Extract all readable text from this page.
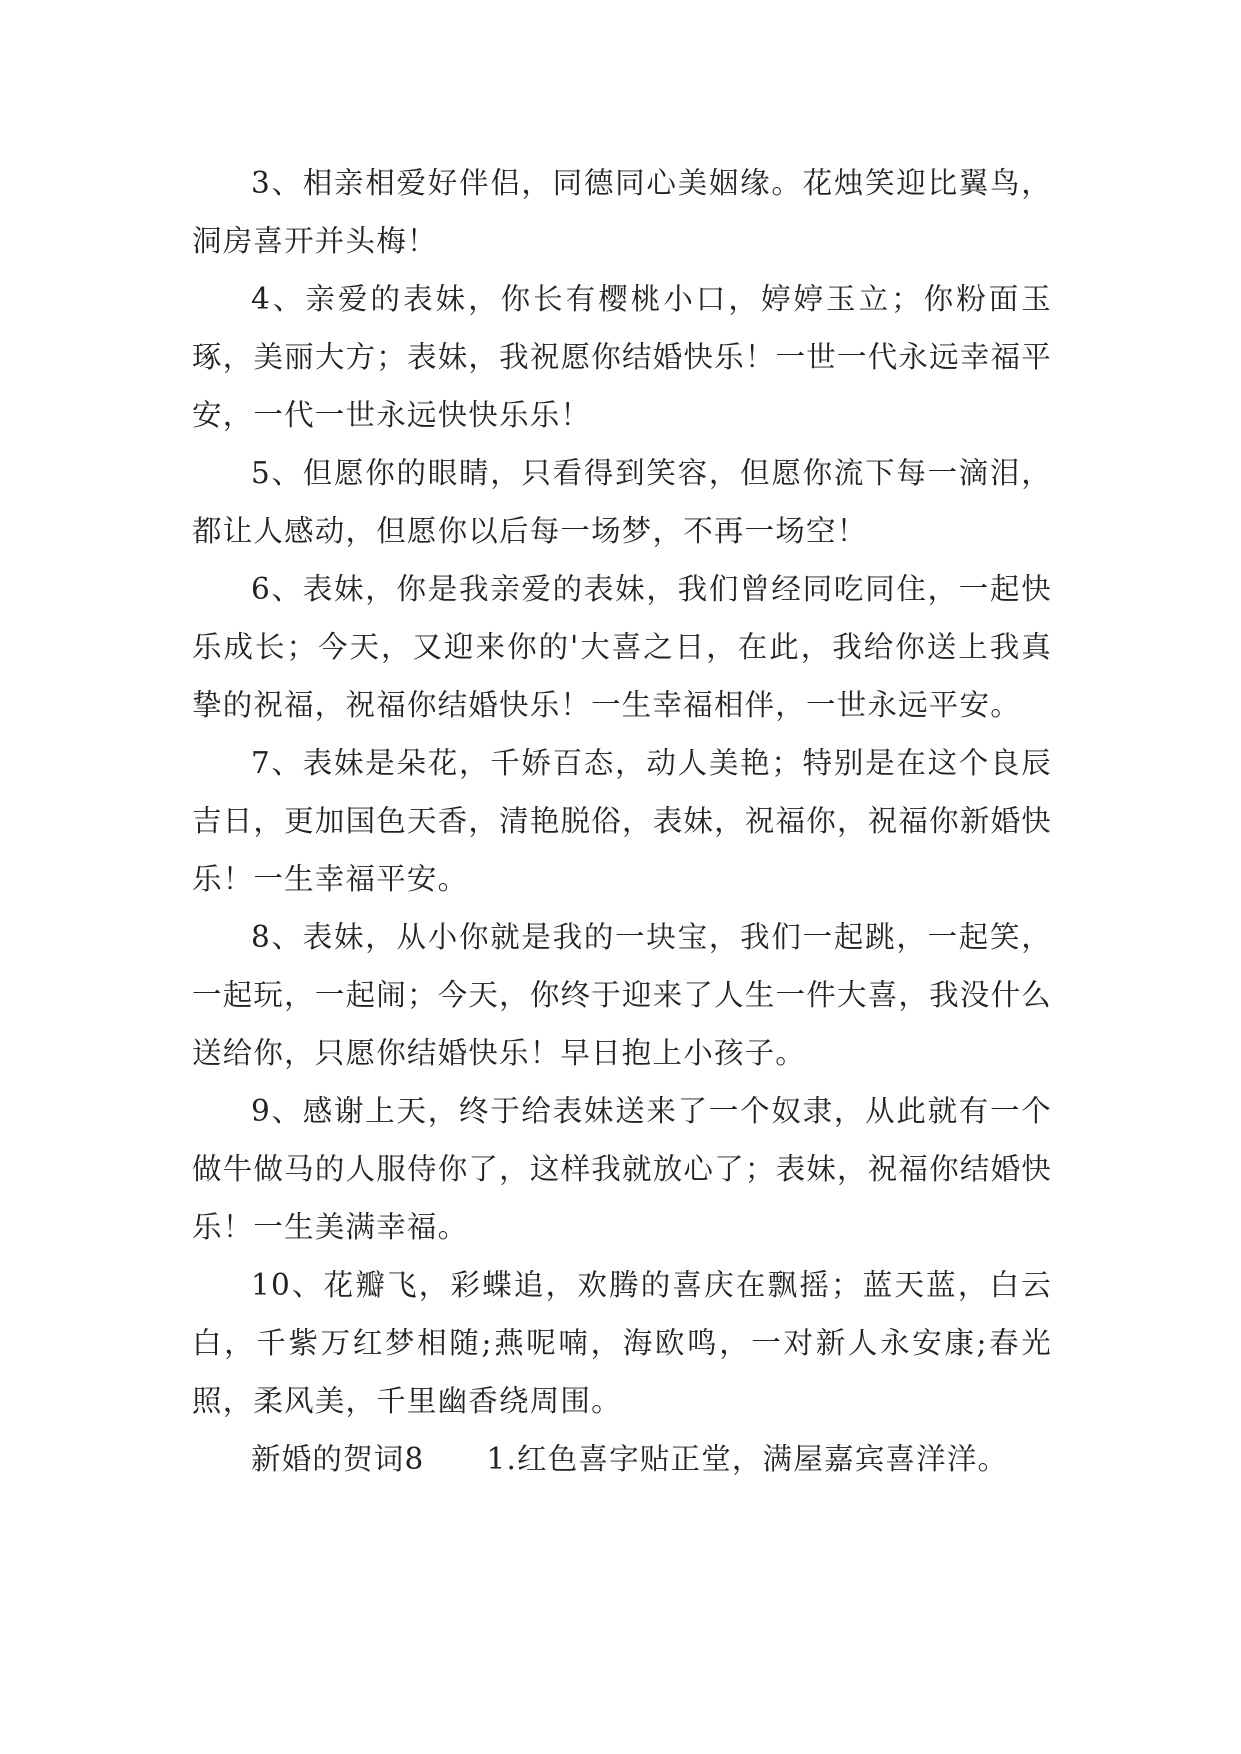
3、相亲相爱好伴侣，同德同心美姻缘。花烛笑迎比翼鸟，洞房喜开并头梅！

4、亲爱的表妹，你长有樱桃小口，婷婷玉立；你粉面玉琢，美丽大方；表妹，我祝愿你结婚快乐！一世一代永远幸福平安，一代一世永远快快乐乐！

5、但愿你的眼睛，只看得到笑容，但愿你流下每一滴泪，都让人感动，但愿你以后每一场梦，不再一场空！

6、表妹，你是我亲爱的表妹，我们曾经同吃同住，一起快乐成长；今天，又迎来你的'大喜之日，在此，我给你送上我真挚的祝福，祝福你结婚快乐！一生幸福相伴，一世永远平安。

7、表妹是朵花，千娇百态，动人美艳；特别是在这个良辰吉日，更加国色天香，清艳脱俗，表妹，祝福你，祝福你新婚快乐！一生幸福平安。

8、表妹，从小你就是我的一块宝，我们一起跳，一起笑，一起玩，一起闹；今天，你终于迎来了人生一件大喜，我没什么送给你，只愿你结婚快乐！早日抱上小孩子。

9、感谢上天，终于给表妹送来了一个奴隶，从此就有一个做牛做马的人服侍你了，这样我就放心了；表妹，祝福你结婚快乐！一生美满幸福。

10、花瓣飞，彩蝶追，欢腾的喜庆在飘摇；蓝天蓝，白云白，千紫万红梦相随;燕呢喃，海欧鸣，一对新人永安康;春光照，柔风美，千里幽香绕周围。

新婚的贺词8 1.红色喜字贴正堂，满屋嘉宾喜洋洋。
